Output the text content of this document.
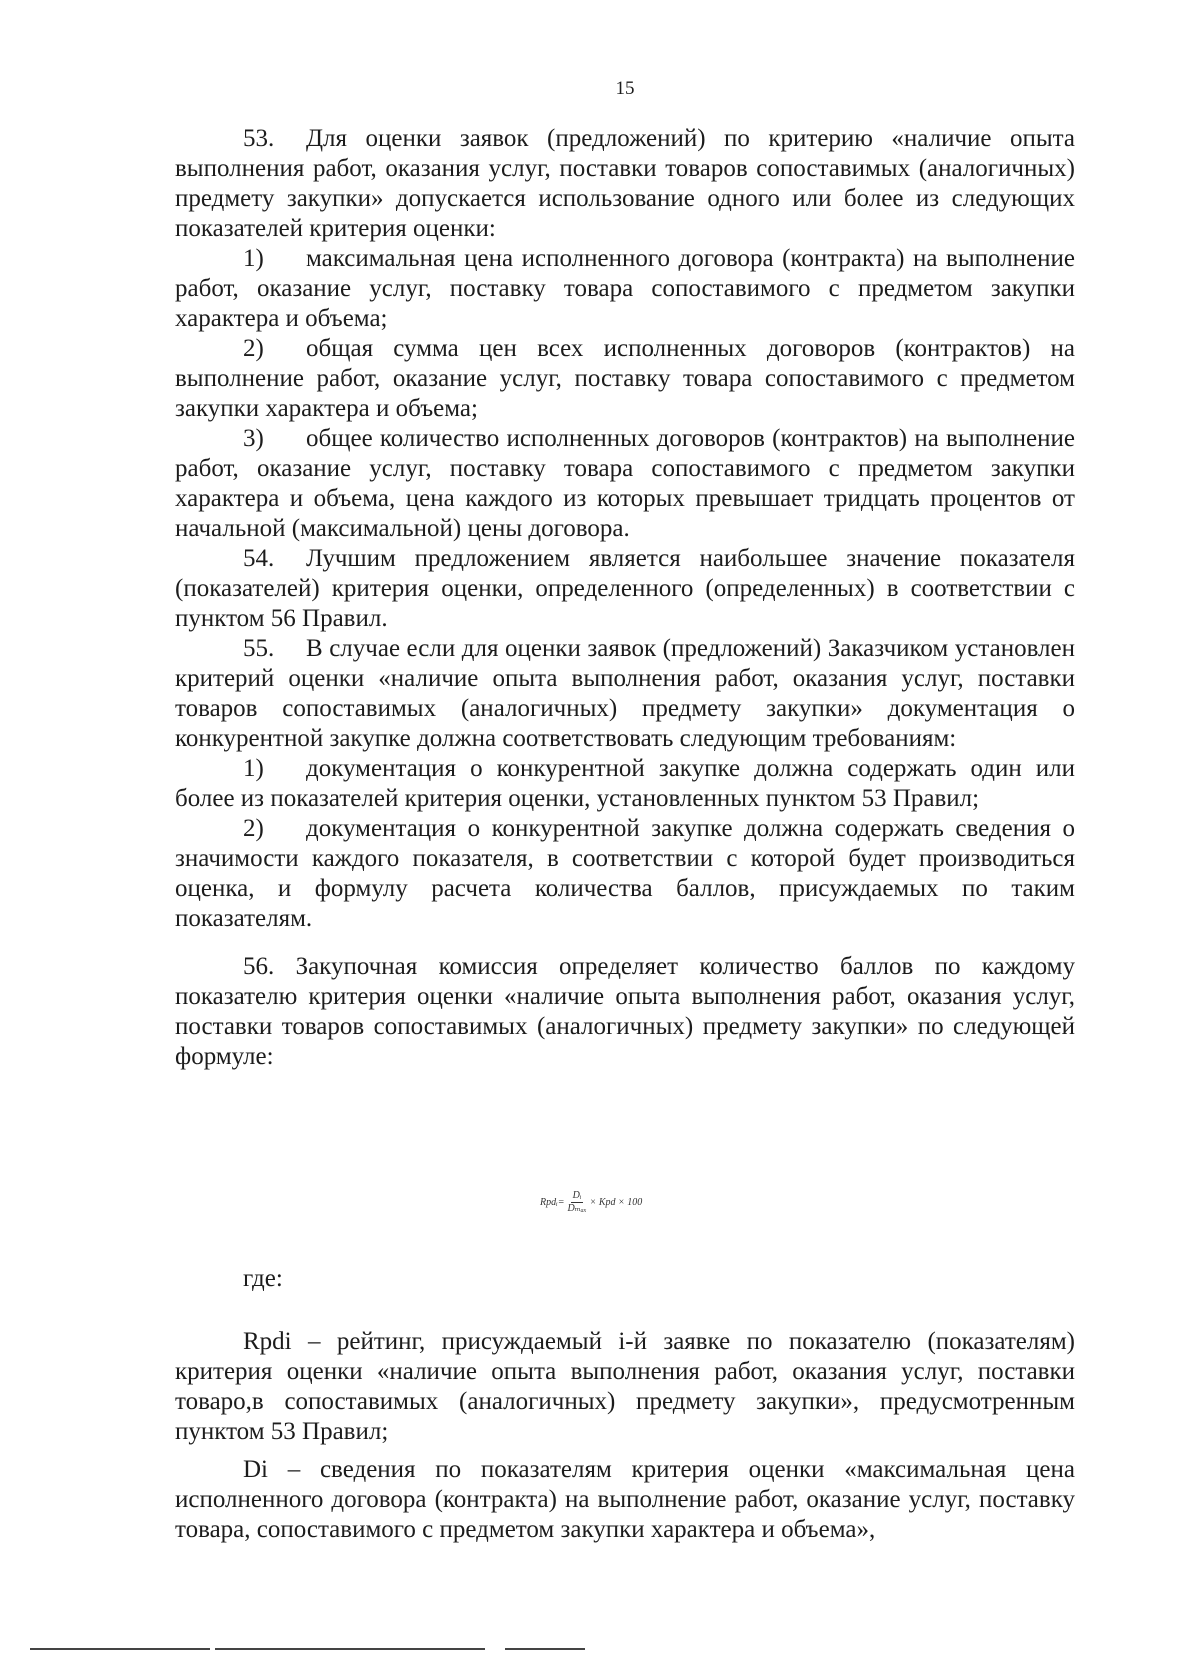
15

53. Для оценки заявок (предложений) по критерию «наличие опыта выполнения работ, оказания услуг, поставки товаров сопоставимых (аналогичных) предмету закупки» допускается использование одного или более из следующих показателей критерия оценки:

1) максимальная цена исполненного договора (контракта) на выполнение работ, оказание услуг, поставку товара сопоставимого с предметом закупки характера и объема;

2) общая сумма цен всех исполненных договоров (контрактов) на выполнение работ, оказание услуг, поставку товара сопоставимого с предметом закупки характера и объема;

3) общее количество исполненных договоров (контрактов) на выполнение работ, оказание услуг, поставку товара сопоставимого с предметом закупки характера и объема, цена каждого из которых превышает тридцать процентов от начальной (максимальной) цены договора.

54. Лучшим предложением является наибольшее значение показателя (показателей) критерия оценки, определенного (определенных) в соответствии с пунктом 56 Правил.

55. В случае если для оценки заявок (предложений) Заказчиком установлен критерий оценки «наличие опыта выполнения работ, оказания услуг, поставки товаров сопоставимых (аналогичных) предмету закупки» документация о конкурентной закупке должна соответствовать следующим требованиям:

1) документация о конкурентной закупке должна содержать один или более из показателей критерия оценки, установленных пунктом 53 Правил;

2) документация о конкурентной закупке должна содержать сведения о значимости каждого показателя, в соответствии с которой будет производиться оценка, и формулу расчета количества баллов, присуждаемых по таким показателям.

56. Закупочная комиссия определяет количество баллов по каждому показателю критерия оценки «наличие опыта выполнения работ, оказания услуг, поставки товаров сопоставимых (аналогичных) предмету закупки» по следующей формуле:

Rpdᵢ= $\frac{\text{Dᵢ}}{\text{Dₘₐₓ}}$ × Kpd × 100
где:

Rpdi – рейтинг, присуждаемый i-й заявке по показателю (показателям) критерия оценки «наличие опыта выполнения работ, оказания услуг, поставки товаро,в сопоставимых (аналогичных) предмету закупки», предусмотренным пунктом 53 Правил;

Di – сведения по показателям критерия оценки «максимальная цена исполненного договора (контракта) на выполнение работ, оказание услуг, поставку товара, сопоставимого с предметом закупки характера и объема»,
